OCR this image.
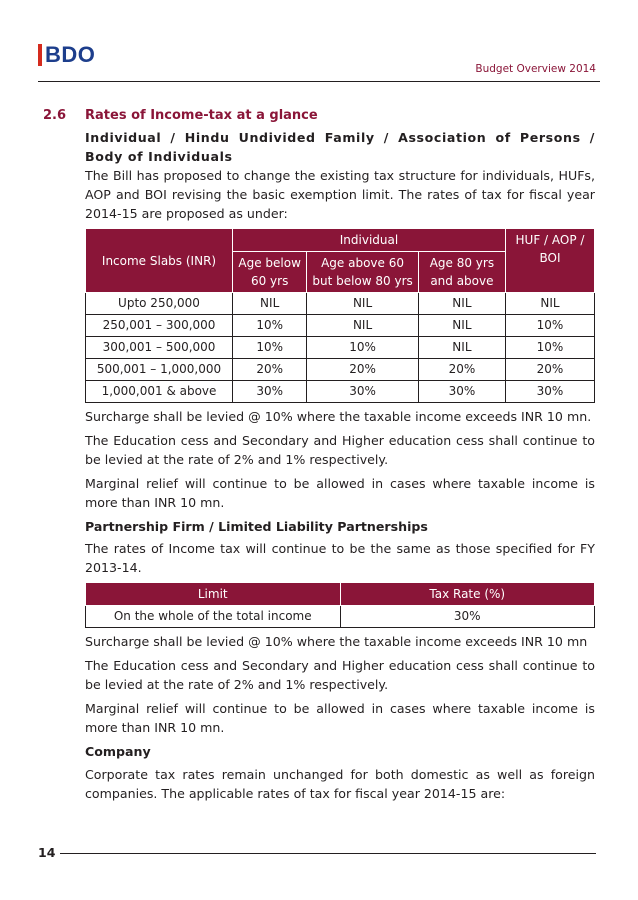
BDO
Budget Overview 2014
2.6 Rates of Income-tax at a glance

Individual / Hindu Undivided Family / Association of Persons / Body of Individuals

The Bill has proposed to change the existing tax structure for individuals, HUFs, AOP and BOI revising the basic exemption limit. The rates of tax for fiscal year 2014-15 are proposed as under:

Income Slabs (INR)	Individual			HUF / AOP / BOI
	Age below 60 yrs	Age above 60 but below 80 yrs	Age 80 yrs and above	
Upto 250,000	NIL	NIL	NIL	NIL
250,001 – 300,000	10%	NIL	NIL	10%
300,001 – 500,000	10%	10%	NIL	10%
500,001 – 1,000,000	20%	20%	20%	20%
1,000,001 & above	30%	30%	30%	30%

Surcharge shall be levied @ 10% where the taxable income exceeds INR 10 mn.

The Education cess and Secondary and Higher education cess shall continue to be levied at the rate of 2% and 1% respectively.

Marginal relief will continue to be allowed in cases where taxable income is more than INR 10 mn.

Partnership Firm / Limited Liability Partnerships

The rates of Income tax will continue to be the same as those specified for FY 2013-14.

Limit	Tax Rate (%)
On the whole of the total income	30%

Surcharge shall be levied @ 10% where the taxable income exceeds INR 10 mn

The Education cess and Secondary and Higher education cess shall continue to be levied at the rate of 2% and 1% respectively.

Marginal relief will continue to be allowed in cases where taxable income is more than INR 10 mn.

Company

Corporate tax rates remain unchanged for both domestic as well as foreign companies. The applicable rates of tax for fiscal year 2014-15 are:

14
